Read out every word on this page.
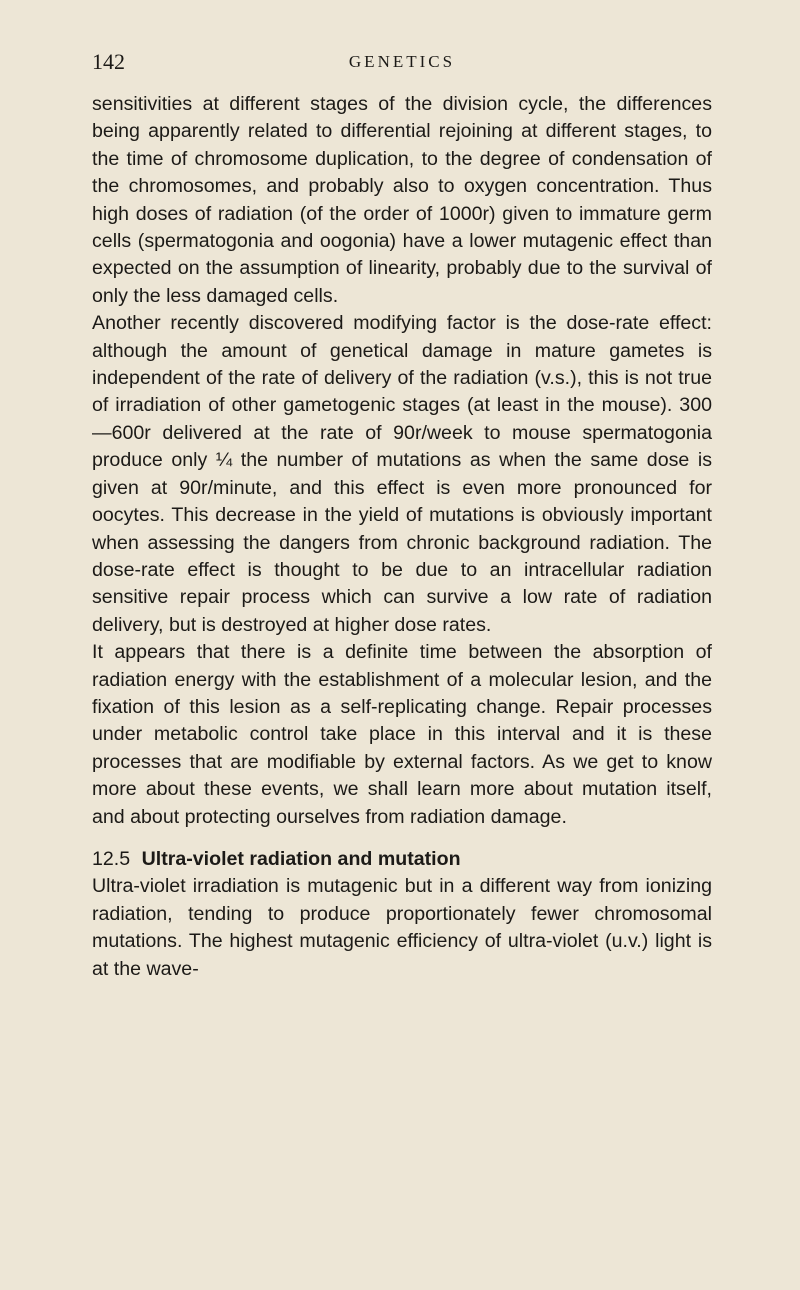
142	GENETICS

sensitivities at different stages of the division cycle, the differences being apparently related to differential rejoining at different stages, to the time of chromosome duplication, to the degree of condensation of the chromosomes, and probably also to oxygen concentration. Thus high doses of radiation (of the order of 1000r) given to immature germ cells (spermatogonia and oogonia) have a lower mutagenic effect than expected on the assumption of linearity, probably due to the survival of only the less damaged cells.

Another recently discovered modifying factor is the dose-rate effect: although the amount of genetical damage in mature gametes is independent of the rate of delivery of the radiation (v.s.), this is not true of irradiation of other gametogenic stages (at least in the mouse). 300—600r delivered at the rate of 90r/week to mouse spermatogonia produce only ¼ the number of mutations as when the same dose is given at 90r/minute, and this effect is even more pronounced for oocytes. This decrease in the yield of mutations is obviously important when assessing the dangers from chronic background radiation. The dose-rate effect is thought to be due to an intracellular radiation sensitive repair process which can survive a low rate of radiation delivery, but is destroyed at higher dose rates.

It appears that there is a definite time between the absorption of radiation energy with the establishment of a molecular lesion, and the fixation of this lesion as a self-replicating change. Repair processes under metabolic control take place in this interval and it is these processes that are modifiable by external factors. As we get to know more about these events, we shall learn more about mutation itself, and about protecting ourselves from radiation damage.

12.5 Ultra-violet radiation and mutation

Ultra-violet irradiation is mutagenic but in a different way from ionizing radiation, tending to produce proportionately fewer chromosomal mutations. The highest mutagenic efficiency of ultra-violet (u.v.) light is at the wave-
